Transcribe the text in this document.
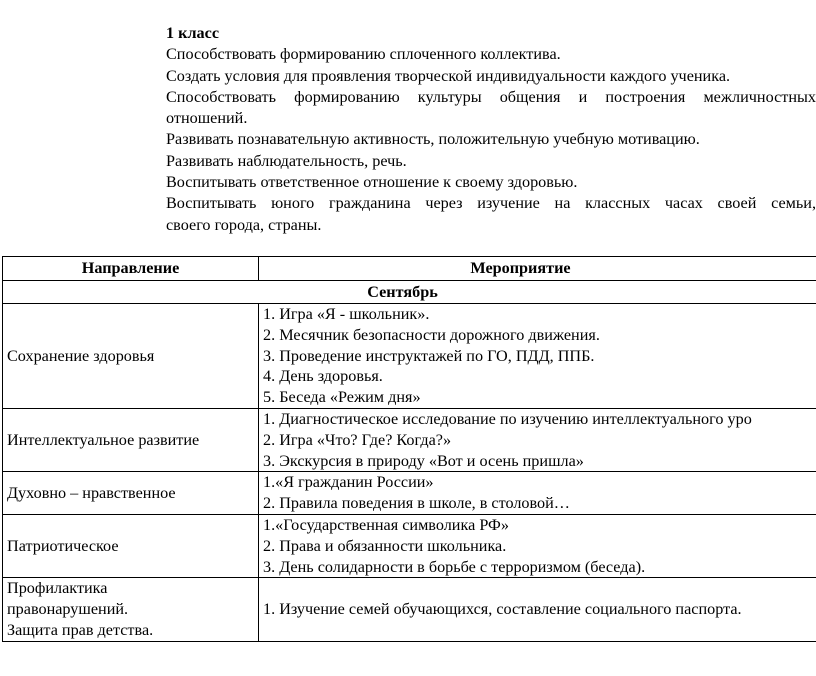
1 класс

Способствовать формированию сплоченного коллектива.

Создать условия для проявления творческой индивидуальности каждого ученика.

Способствовать формированию культуры общения и построения межличностных

отношений.

Развивать познавательную активность, положительную учебную мотивацию.

Развивать наблюдательность, речь.

Воспитывать ответственное отношение к своему здоровью.

Воспитывать юного гражданина через изучение на классных часах своей семьи,

своего города, страны.

Направление	Мероприятие
Сентябрь	
Сохранение здоровья	1. Игра «Я - школьник».
2. Месячник безопасности дорожного движения.
3. Проведение инструктажей по ГО, ПДД, ППБ.
4. День здоровья.
5. Беседа «Режим дня»

Интеллектуальное развитие	1. Диагностическое исследование по изучению интеллектуального уро
2. Игра «Что? Где? Когда?»
3. Экскурсия в природу «Вот и осень пришла»

Духовно – нравственное	1.«Я гражданин России»
2. Правила поведения в школе, в столовой…

Патриотическое	1.«Государственная символика РФ»
2. Права и обязанности школьника.
3. День солидарности в борьбе с терроризмом (беседа).

Профилактика
правонарушений.
Защита прав детства.	1. Изучение семей обучающихся, составление социального паспорта.
